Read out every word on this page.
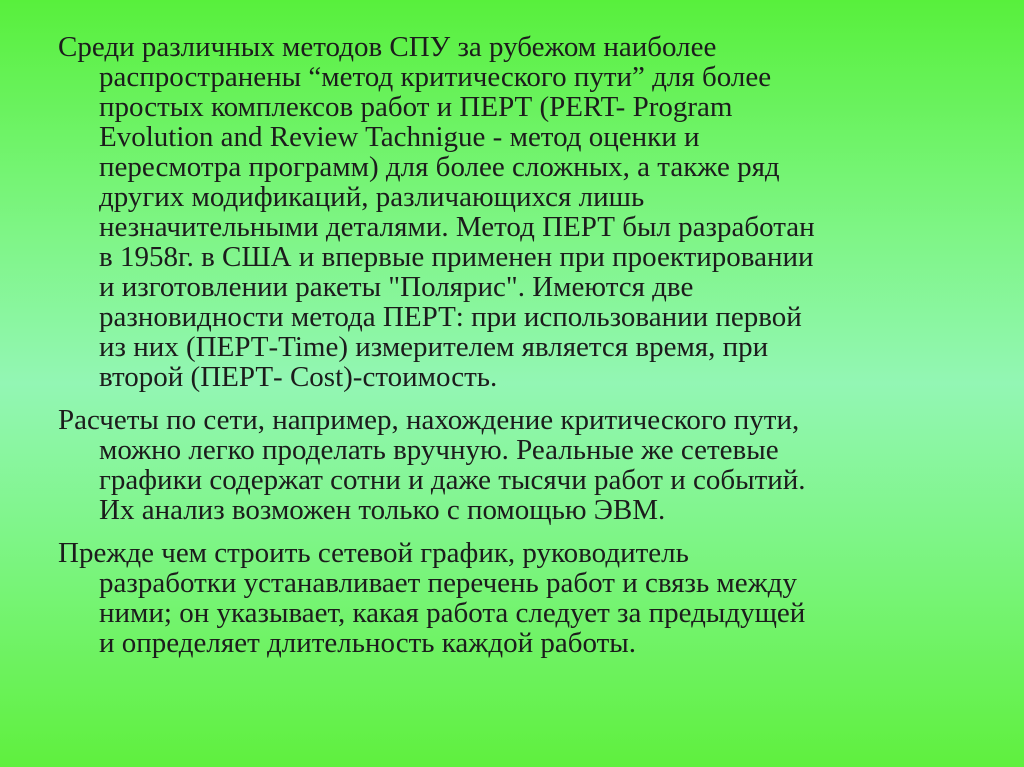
Среди различных методов СПУ за рубежом наиболее
распространены “метод критического пути” для более
простых комплексов работ и ПЕРТ (PERT- Program
Evolution and Review Tachnigue - метод оценки и
пересмотра программ) для более сложных, а также ряд
других модификаций, различающихся лишь
незначительными деталями. Метод ПЕРТ был разработан
в 1958г. в США и впервые применен при проектировании
и изготовлении ракеты "Полярис". Имеются две
разновидности метода ПЕРТ: при использовании первой
из них (ПЕРТ-Time) измерителем является время, при
второй (ПЕРТ- Cost)-стоимость.

Расчеты по сети, например, нахождение критического пути,
можно легко проделать вручную. Реальные же сетевые
графики содержат сотни и даже тысячи работ и событий.
Их анализ возможен только с помощью ЭВМ.

Прежде чем строить сетевой график, руководитель
разработки устанавливает перечень работ и связь между
ними; он указывает, какая работа следует за предыдущей
и определяет длительность каждой работы.
